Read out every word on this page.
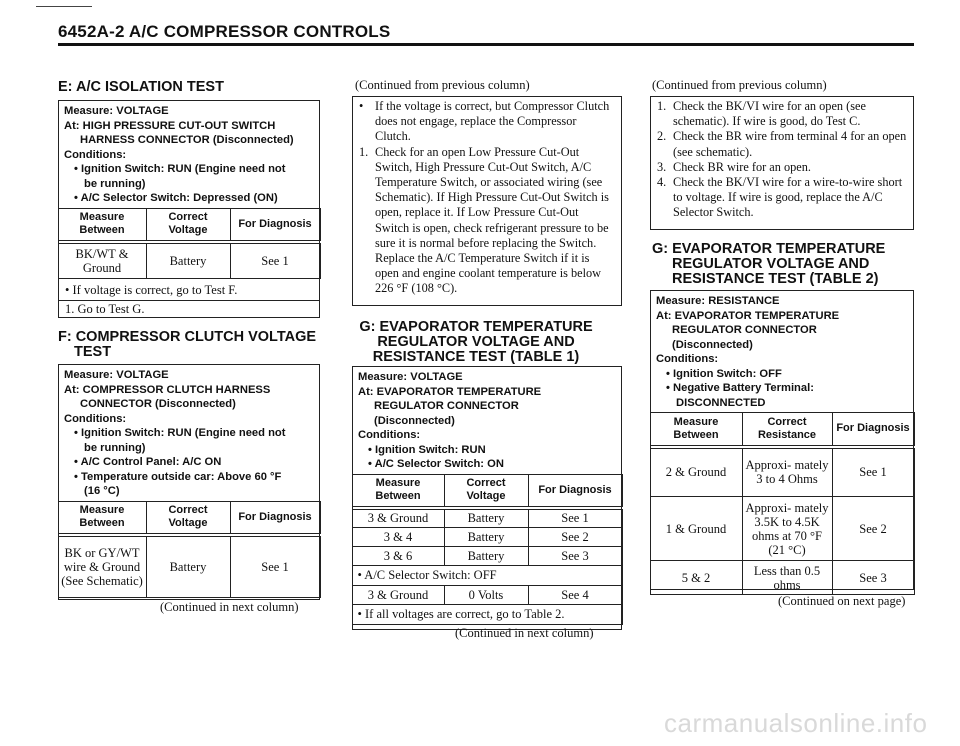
6452A-2 A/C COMPRESSOR CONTROLS
E: A/C ISOLATION TEST
Measure: VOLTAGE
At: HIGH PRESSURE CUT-OUT SWITCH
HARNESS CONNECTOR (Disconnected)
Conditions:
• Ignition Switch: RUN (Engine need not
be running)
• A/C Selector Switch: Depressed (ON)
Measure Between	Correct Voltage	For Diagnosis
BK/WT & Ground	Battery	See 1
• If voltage is correct, go to Test F.
1. Go to Test G.
F: COMPRESSOR CLUTCH VOLTAGE
TEST
Measure: VOLTAGE
At: COMPRESSOR CLUTCH HARNESS
CONNECTOR (Disconnected)
Conditions:
• Ignition Switch: RUN (Engine need not
be running)
• A/C Control Panel: A/C ON
• Temperature outside car: Above 60 °F
(16 °C)
Measure Between	Correct Voltage	For Diagnosis
BK or GY/WT wire & Ground (See Schematic)	Battery	See 1
(Continued in next column)
(Continued from previous column)
• If the voltage is correct, but Compressor Clutch does not engage, replace the Compressor Clutch.
1. Check for an open Low Pressure Cut-Out Switch, High Pressure Cut-Out Switch, A/C Temperature Switch, or associated wiring (see Schematic). If High Pressure Cut-Out Switch is open, replace it. If Low Pressure Cut-Out Switch is open, check refrigerant pressure to be sure it is normal before replacing the Switch. Replace the A/C Temperature Switch if it is open and engine coolant temperature is below 226 °F (108 °C).
G: EVAPORATOR TEMPERATURE
REGULATOR VOLTAGE AND
RESISTANCE TEST (TABLE 1)
Measure: VOLTAGE
At: EVAPORATOR TEMPERATURE
REGULATOR CONNECTOR
(Disconnected)
Conditions:
• Ignition Switch: RUN
• A/C Selector Switch: ON
Measure Between	Correct Voltage	For Diagnosis
3 & Ground	Battery	See 1
3 & 4	Battery	See 2
3 & 6	Battery	See 3
• A/C Selector Switch: OFF		
3 & Ground	0 Volts	See 4
• If all voltages are correct, go to Table 2.		
(Continued in next column)
(Continued from previous column)
1. Check the BK/VI wire for an open (see schematic). If wire is good, do Test C.
2. Check the BR wire from terminal 4 for an open (see schematic).
3. Check BR wire for an open.
4. Check the BK/VI wire for a wire-to-wire short to voltage. If wire is good, replace the A/C Selector Switch.
G: EVAPORATOR TEMPERATURE
REGULATOR VOLTAGE AND
RESISTANCE TEST (TABLE 2)
Measure: RESISTANCE
At: EVAPORATOR TEMPERATURE
REGULATOR CONNECTOR
(Disconnected)
Conditions:
• Ignition Switch: OFF
• Negative Battery Terminal:
DISCONNECTED
Measure Between	Correct Resistance	For Diagnosis
2 & Ground	Approxi- mately 3 to 4 Ohms	See 1
1 & Ground	Approxi- mately 3.5K to 4.5K ohms at 70 °F (21 °C)	See 2
5 & 2	Less than 0.5 ohms	See 3
(Continued on next page)
carmanualsonline.info
